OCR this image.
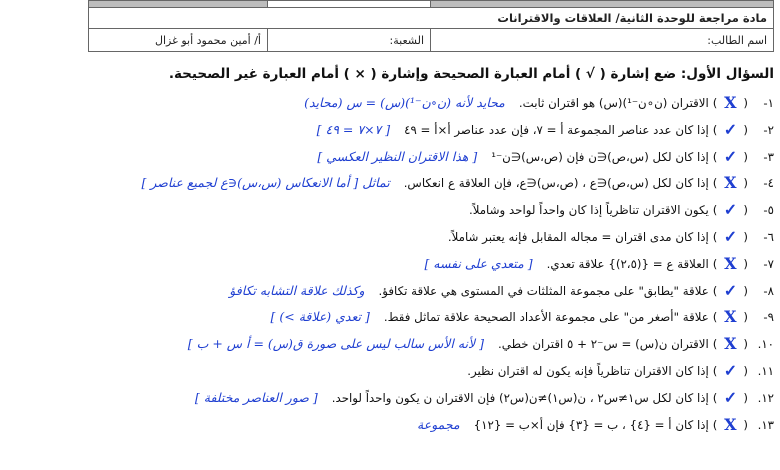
مادة مراجعة للوحدة الثانية/ العلاقات والاقترانات		
اسم الطالب:	الشعبة:	أ/ أمين محمود أبو غزال
السؤال الأول: ضع إشارة ( √ ) أمام العبارة الصحيحة وإشارة ( × ) أمام العبارة غير الصحيحة.
١-
(
X
)
الاقتران (ن∘ن⁻¹)(س) هو اقتران ثابت.
محايد لأنه (ن∘ن⁻¹)(س) = س (محايد)
٢-
(
✓
)
إذا كان عدد عناصر المجموعة أ = ٧، فإن عدد عناصر أ×أ = ٤٩
[ ٧×٧ = ٤٩ ]
٣-
(
✓
)
إذا كان لكل (س،ص)∈ن فإن (ص،س)∈ن⁻¹
[ هذا الاقتران النظير العكسي ]
٤-
(
X
)
إذا كان لكل (س،ص)∈ع ، (ص،س)∈ع، فإن العلاقة ع انعكاس.
تماثل [ أما الانعكاس (س،س)∈ع لجميع عناصر ]
٥-
(
✓
)
يكون الاقتران تناظرياً إذا كان واحداً لواحد وشاملاً.
٦-
(
✓
)
إذا كان مدى اقتران = مجاله المقابل فإنه يعتبر شاملاً.
٧-
(
X
)
العلاقة ع = {(٢،٥)} علاقة تعدي.
[ متعدي على نفسه ]
٨-
(
✓
)
علاقة "يطابق" على مجموعة المثلثات في المستوى هي علاقة تكافؤ.
وكذلك علاقة التشابه تكافؤ
٩-
(
X
)
علاقة "أصغر من" على مجموعة الأعداد الصحيحة علاقة تماثل فقط.
[ تعدي (علاقة >) ]
١٠.
(
X
)
الاقتران ن(س) = س⁻٢ + ٥ اقتران خطي.
[ لأنه الأس سالب ليس على صورة ق(س) = أ س + ب ]
١١.
(
✓
)
إذا كان الاقتران تناظرياً فإنه يكون له اقتران نظير.
١٢.
(
✓
)
إذا كان لكل س١≠س٢ ، ن(س١)≠ن(س٢) فإن الاقتران ن يكون واحداً لواحد.
[ صور العناصر مختلفة ]
١٣.
(
X
)
إذا كان أ = {٤} ، ب = {٣} فإن أ×ب = {١٢}
مجموعة
